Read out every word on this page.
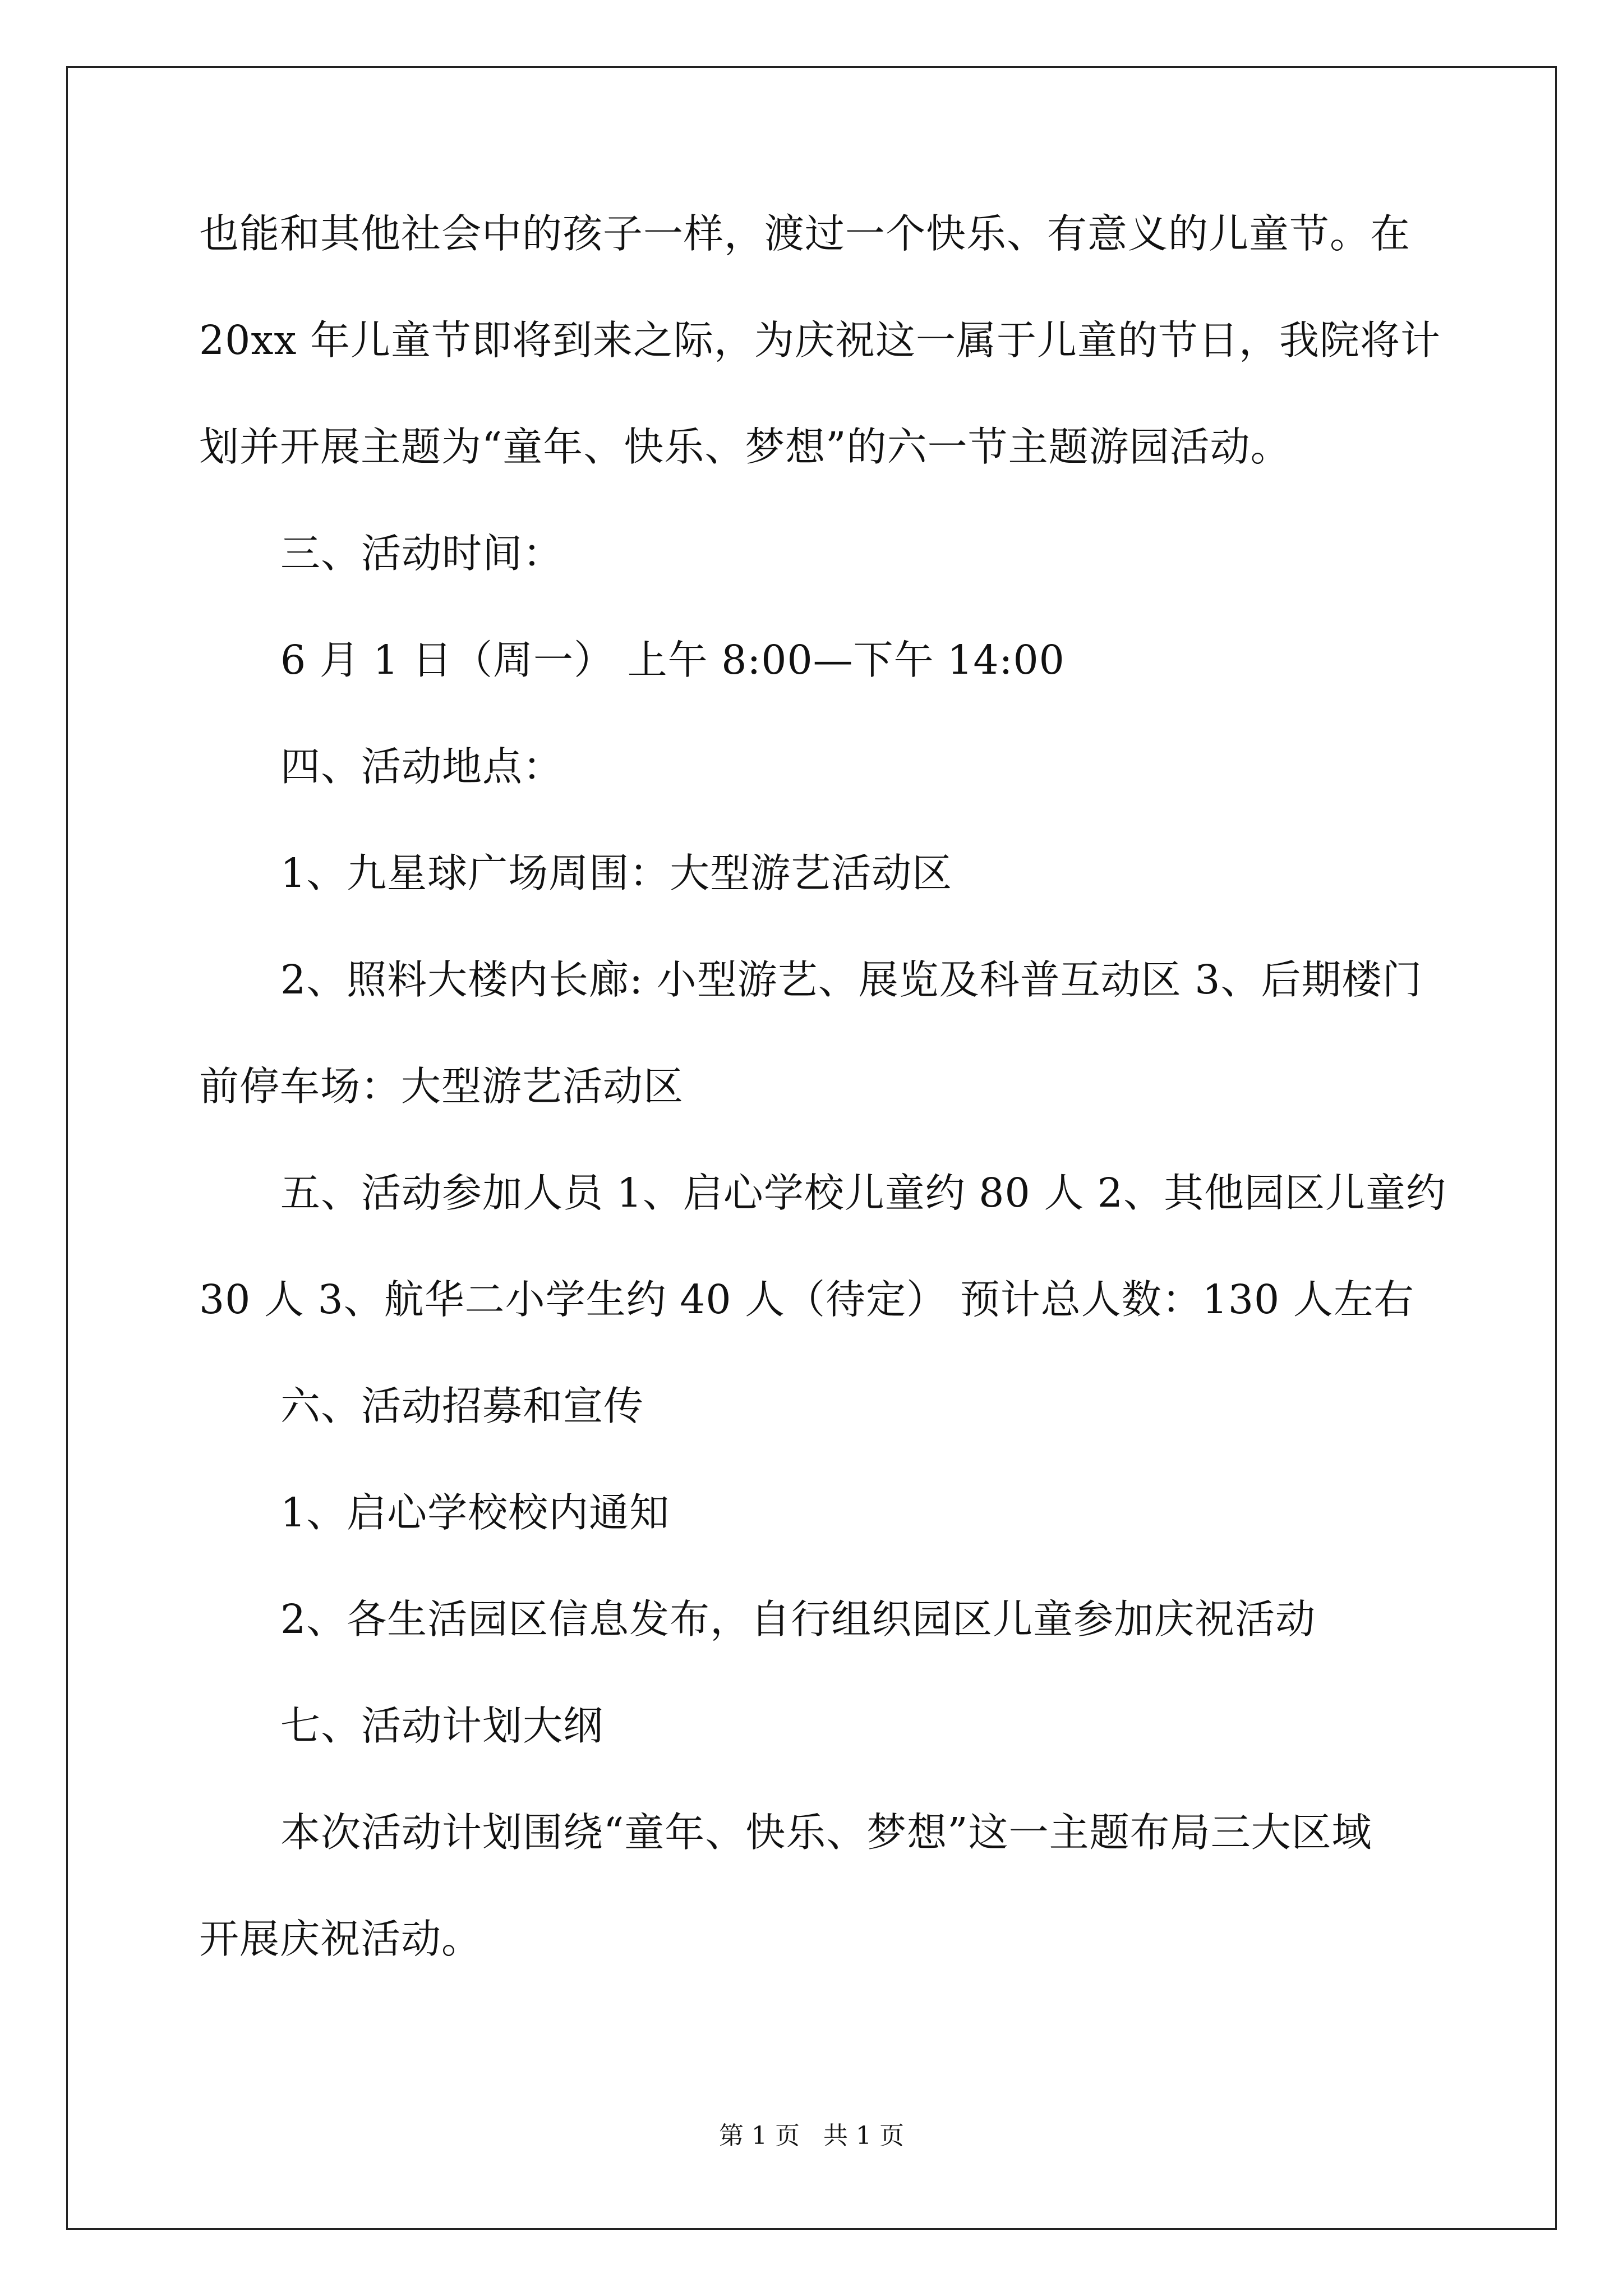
也能和其他社会中的孩子一样，渡过一个快乐、有意义的儿童节。在
20xx 年儿童节即将到来之际，为庆祝这一属于儿童的节日，我院将计
划并开展主题为“童年、快乐、梦想”的六一节主题游园活动。
三、活动时间：
6 月 1 日（周一） 上午 8:00—下午 14:00
四、活动地点：
1、九星球广场周围：大型游艺活动区
2、照料大楼内长廊: 小型游艺、展览及科普互动区 3、后期楼门
前停车场：大型游艺活动区
五、活动参加人员 1、启心学校儿童约 80 人 2、其他园区儿童约
30 人 3、航华二小学生约 40 人（待定） 预计总人数：130 人左右
六、活动招募和宣传
1、启心学校校内通知
2、各生活园区信息发布，自行组织园区儿童参加庆祝活动
七、活动计划大纲
本次活动计划围绕“童年、快乐、梦想”这一主题布局三大区域
开展庆祝活动。
第 1 页   共 1 页
